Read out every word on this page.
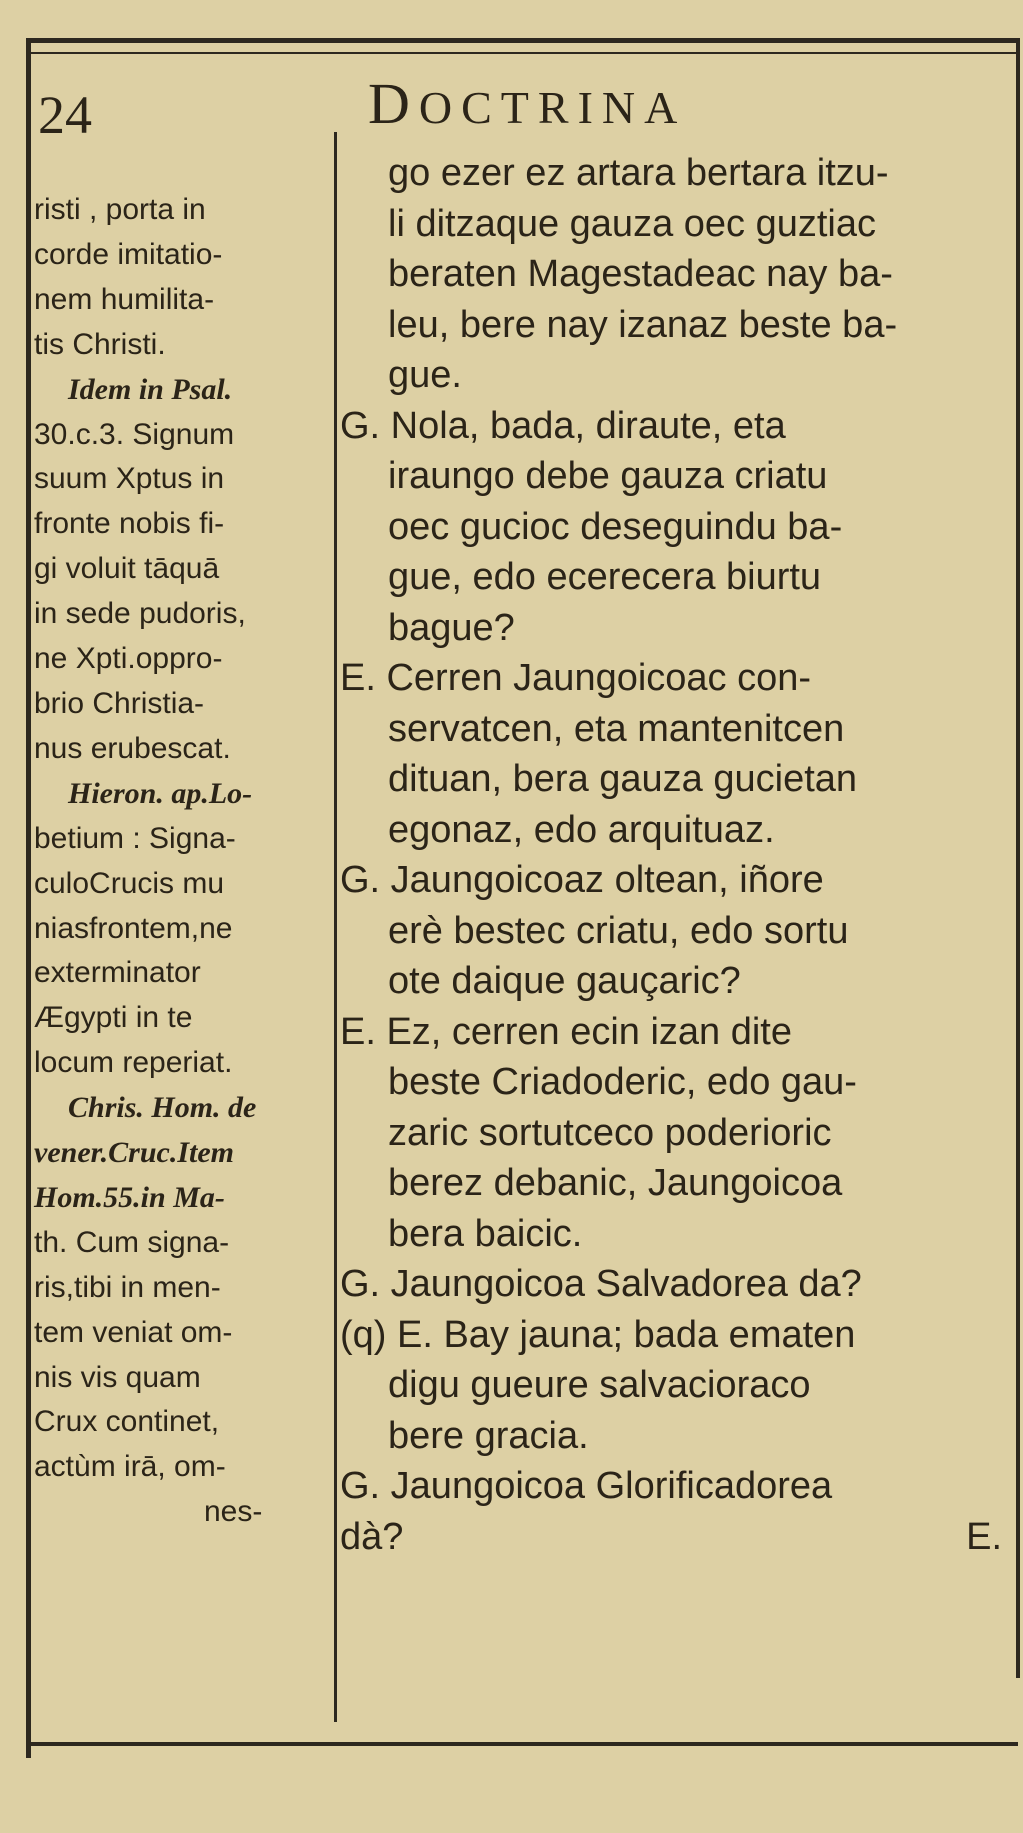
24	DOCTRINA
risti , porta in
corde imitatio-
nem humilita-
tis Christi.
Idem in Psal.
30.c.3. Signum
suum Xptus in
fronte nobis fi-
gi voluit tāquā
in sede pudoris,
ne Xpti.oppro-
brio Christia-
nus erubescat.
Hieron. ap.Lo-
betium : Signa-
culoCrucis mu
niasfrontem,ne
exterminator
Ægypti in te
locum reperiat.
Chris. Hom. de
vener.Cruc.Item
Hom.55.in Ma-
th. Cum signa-
ris,tibi in men-
tem veniat om-
nis vis quam
Crux continet,
actùm irā, om-
nes-
go ezer ez artara bertara itzu-
li ditzaque gauza oec guztiac
beraten Magestadeac nay ba-
leu, bere nay izanaz beste ba-
gue.
G. Nola, bada, diraute, eta
iraungo debe gauza criatu
oec gucioc deseguindu ba-
gue, edo ecerecera biurtu
bague?
E. Cerren Jaungoicoac con-
servatcen, eta mantenitcen
dituan, bera gauza gucietan
egonaz, edo arquituaz.
G. Jaungoicoaz oltean, iñore
erè bestec criatu, edo sortu
ote daique gauçaric?
E. Ez, cerren ecin izan dite
beste Criadoderic, edo gau-
zaric sortutceco poderioric
berez debanic, Jaungoicoa
bera baicic.
G. Jaungoicoa Salvadorea da?
(q) E. Bay jauna; bada ematen
digu gueure salvacioraco
bere gracia.
G. Jaungoicoa Glorificadorea
dà?	E.
